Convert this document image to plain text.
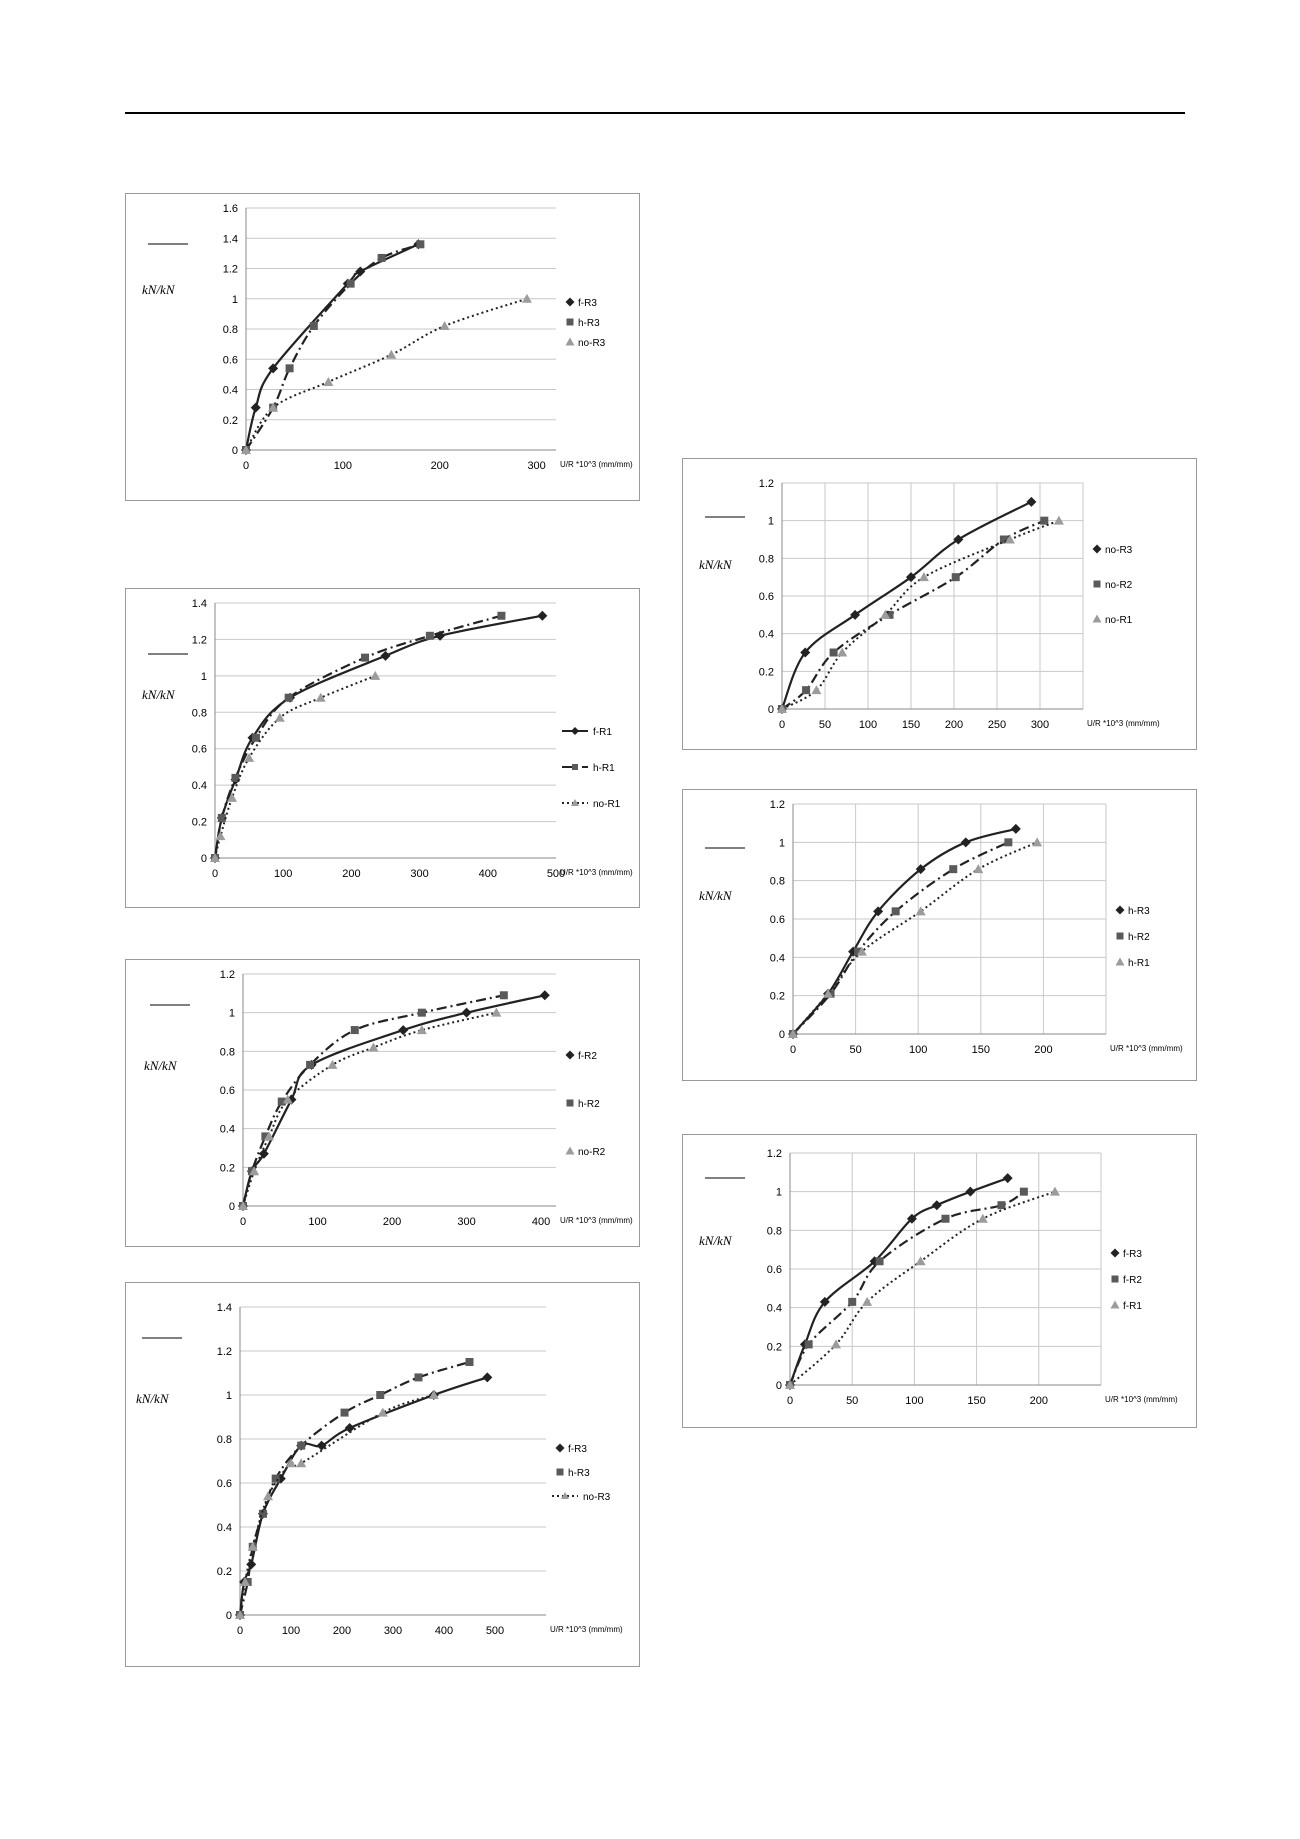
0
0.2
0.4
0.6
0.8
1
1.2
1.4
1.6
0	100	200	300 U/R *10^3 (mm/mm)
kN/kN
f-R3
h-R3
no-R3
0
0.2
0.4
0.6
0.8
1
1.2
1.4
0	100	200	300	400	500
U/R *10^3 (mm/mm)
kN/kN
f-R1
h-R1
no-R1
0
0.2
0.4
0.6
0.8
1
1.2
0	100	200	300	400 U/R *10^3 (mm/mm)
kN/kN
f-R2
h-R2
no-R2
0
0.2
0.4
0.6
0.8
1
1.2
1.4
0	100	200	300	400	500	U/R *10^3 (mm/mm)
kN/kN
f-R3
h-R3
no-R3
0
0.2
0.4
0.6
0.8
1
1.2
0	50	100 150 200 250 300	U/R *10^3 (mm/mm)
kN/kN
no-R3
no-R2
no-R1
0
0.2
0.4
0.6
0.8
1
1.2
0	50	100	150	200	U/R *10^3 (mm/mm)
kN/kN
h-R3
h-R2
h-R1
0
0.2
0.4
0.6
0.8
1
1.2
0	50	100	150	200	U/R *10^3 (mm/mm)
kN/kN
f-R3
f-R2
f-R1
